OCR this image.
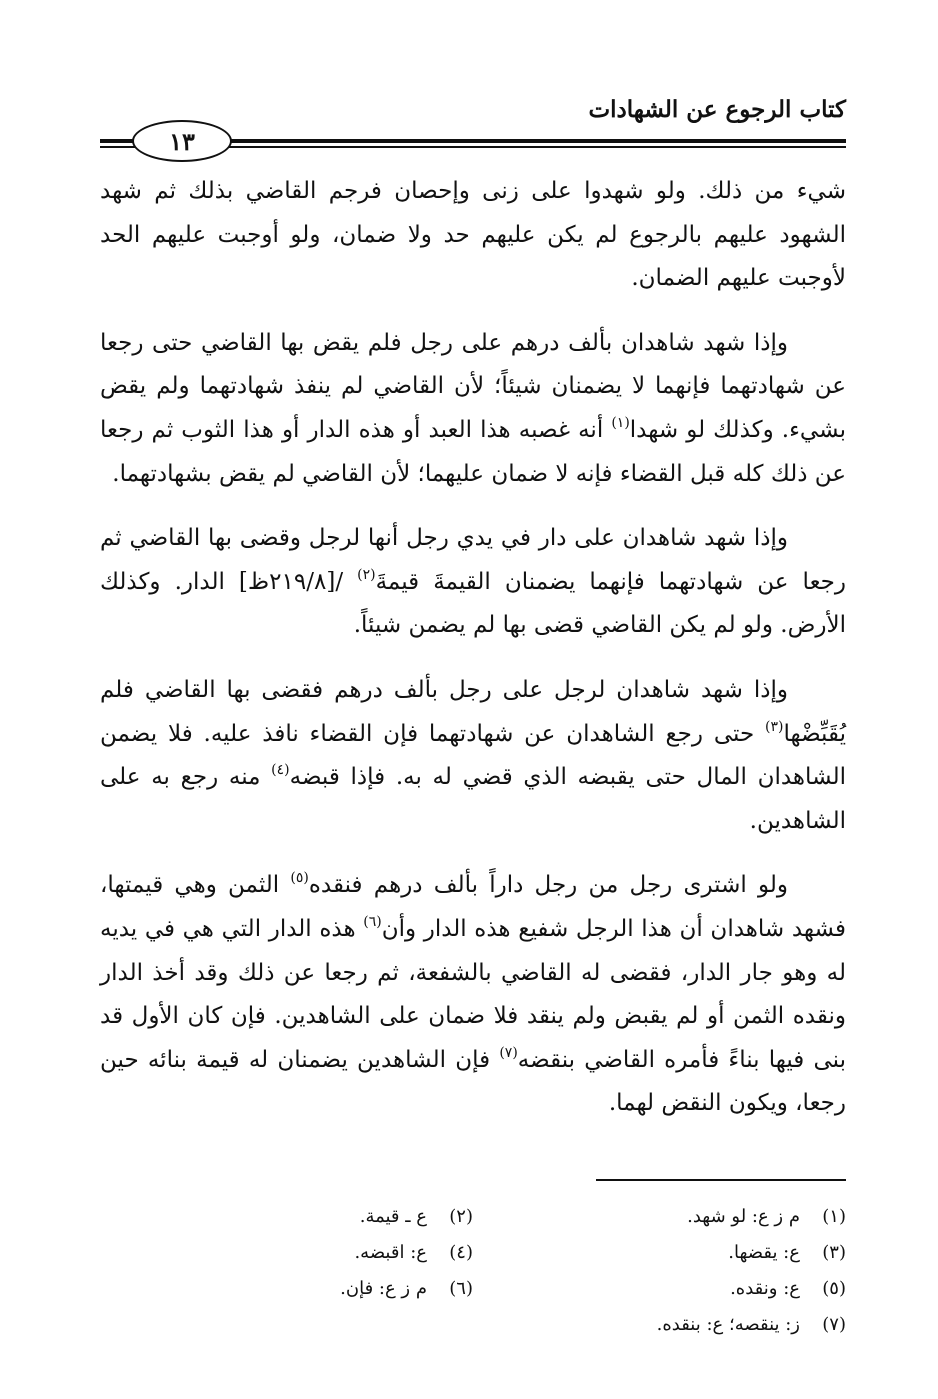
كتاب الرجوع عن الشهادات
١٣

شيء من ذلك. ولو شهدوا على زنى وإحصان فرجم القاضي بذلك ثم شهد الشهود عليهم بالرجوع لم يكن عليهم حد ولا ضمان، ولو أوجبت عليهم الحد لأوجبت عليهم الضمان.

وإذا شهد شاهدان بألف درهم على رجل فلم يقض بها القاضي حتى رجعا عن شهادتهما فإنهما لا يضمنان شيئاً؛ لأن القاضي لم ينفذ شهادتهما ولم يقض بشيء. وكذلك لو شهدا$^{(١)}$ أنه غصبه هذا العبد أو هذه الدار أو هذا الثوب ثم رجعا عن ذلك كله قبل القضاء فإنه لا ضمان عليهما؛ لأن القاضي لم يقض بشهادتهما.

وإذا شهد شاهدان على دار في يدي رجل أنها لرجل وقضى بها القاضي ثم رجعا عن شهادتهما فإنهما يضمنان القيمةَ قيمةَ$^{(٢)}$ /[٢١٩/٨ظ] الدار. وكذلك الأرض. ولو لم يكن القاضي قضى بها لم يضمن شيئاً.

وإذا شهد شاهدان لرجل على رجل بألف درهم فقضى بها القاضي فلم يُقَبِّضْها$^{(٣)}$ حتى رجع الشاهدان عن شهادتهما فإن القضاء نافذ عليه. فلا يضمن الشاهدان المال حتى يقبضه الذي قضي له به. فإذا قبضه$^{(٤)}$ منه رجع به على الشاهدين.

ولو اشترى رجل من رجل داراً بألف درهم فنقده$^{(٥)}$ الثمن وهي قيمتها، فشهد شاهدان أن هذا الرجل شفيع هذه الدار وأن$^{(٦)}$ هذه الدار التي هي في يديه له وهو جار الدار، فقضى له القاضي بالشفعة، ثم رجعا عن ذلك وقد أخذ الدار ونقده الثمن أو لم يقبض ولم ينقد فلا ضمان على الشاهدين. فإن كان الأول قد بنى فيها بناءً فأمره القاضي بنقضه$^{(٧)}$ فإن الشاهدين يضمنان له قيمة بنائه حين رجعا، ويكون النقض لهما.

(١)
م ز ع: لو شهد.
(٢)
ع ـ قيمة.
(٣)
ع: يقضها.
(٤)
ع: اقبضه.
(٥)
ع: ونقده.
(٦)
م ز ع: فإن.
(٧)
ز: ينقصه؛ ع: بنقده.
